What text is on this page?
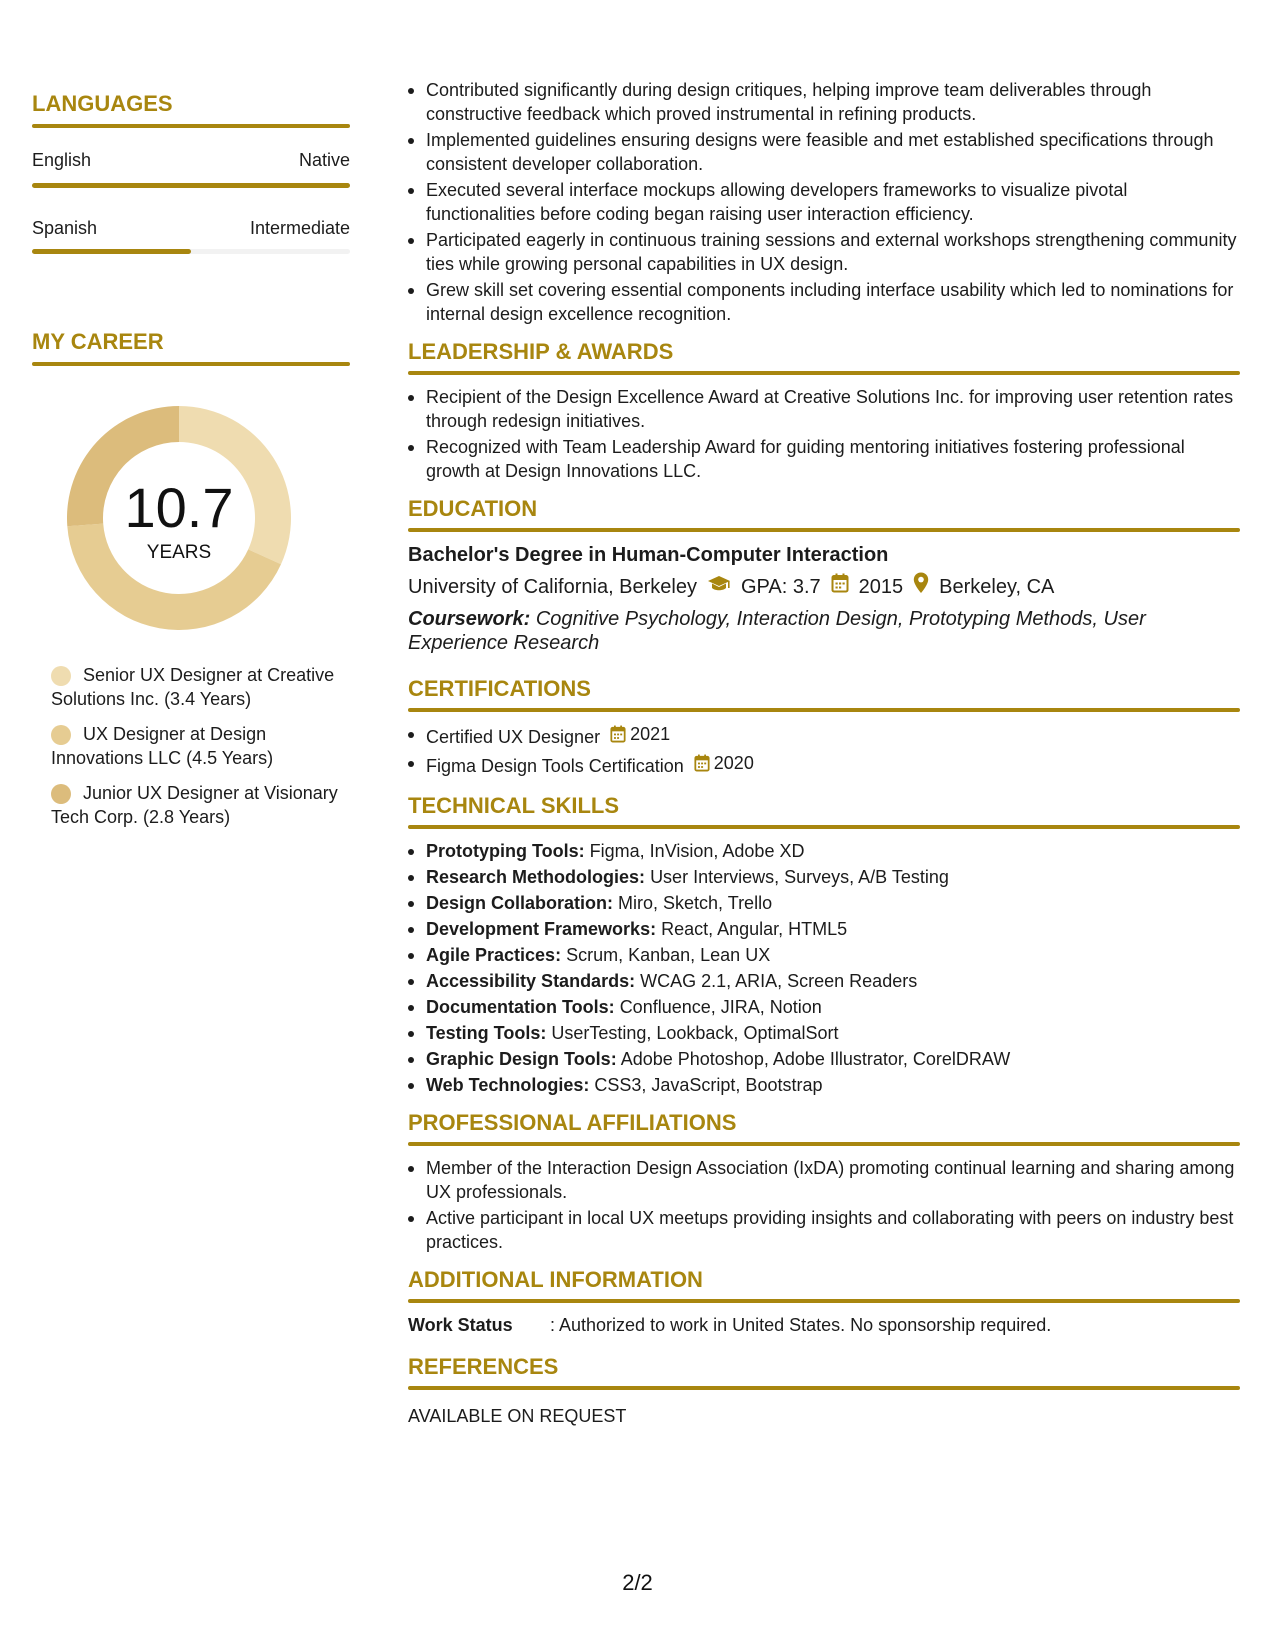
LANGUAGES
English	Native
Spanish	Intermediate
MY CAREER
10.7
YEARS
Senior UX Designer at Creative Solutions Inc. (3.4 Years)
UX Designer at Design Innovations LLC (4.5 Years)
Junior UX Designer at Visionary Tech Corp. (2.8 Years)
Contributed significantly during design critiques, helping improve team deliverables through constructive feedback which proved instrumental in refining products.
Implemented guidelines ensuring designs were feasible and met established specifications through consistent developer collaboration.
Executed several interface mockups allowing developers frameworks to visualize pivotal functionalities before coding began raising user interaction efficiency.
Participated eagerly in continuous training sessions and external workshops strengthening community ties while growing personal capabilities in UX design.
Grew skill set covering essential components including interface usability which led to nominations for internal design excellence recognition.
LEADERSHIP & AWARDS
Recipient of the Design Excellence Award at Creative Solutions Inc. for improving user retention rates through redesign initiatives.
Recognized with Team Leadership Award for guiding mentoring initiatives fostering professional growth at Design Innovations LLC.
EDUCATION
Bachelor's Degree in Human-Computer Interaction
University of California, Berkeley GPA: 3.7 2015 Berkeley, CA
Coursework: Cognitive Psychology, Interaction Design, Prototyping Methods, User Experience Research
CERTIFICATIONS
Certified UX Designer 2021
Figma Design Tools Certification 2020
TECHNICAL SKILLS
Prototyping Tools: Figma, InVision, Adobe XD
Research Methodologies: User Interviews, Surveys, A/B Testing
Design Collaboration: Miro, Sketch, Trello
Development Frameworks: React, Angular, HTML5
Agile Practices: Scrum, Kanban, Lean UX
Accessibility Standards: WCAG 2.1, ARIA, Screen Readers
Documentation Tools: Confluence, JIRA, Notion
Testing Tools: UserTesting, Lookback, OptimalSort
Graphic Design Tools: Adobe Photoshop, Adobe Illustrator, CorelDRAW
Web Technologies: CSS3, JavaScript, Bootstrap
PROFESSIONAL AFFILIATIONS
Member of the Interaction Design Association (IxDA) promoting continual learning and sharing among UX professionals.
Active participant in local UX meetups providing insights and collaborating with peers on industry best practices.
ADDITIONAL INFORMATION
Work Status	: Authorized to work in United States. No sponsorship required.
REFERENCES
AVAILABLE ON REQUEST
2/2
